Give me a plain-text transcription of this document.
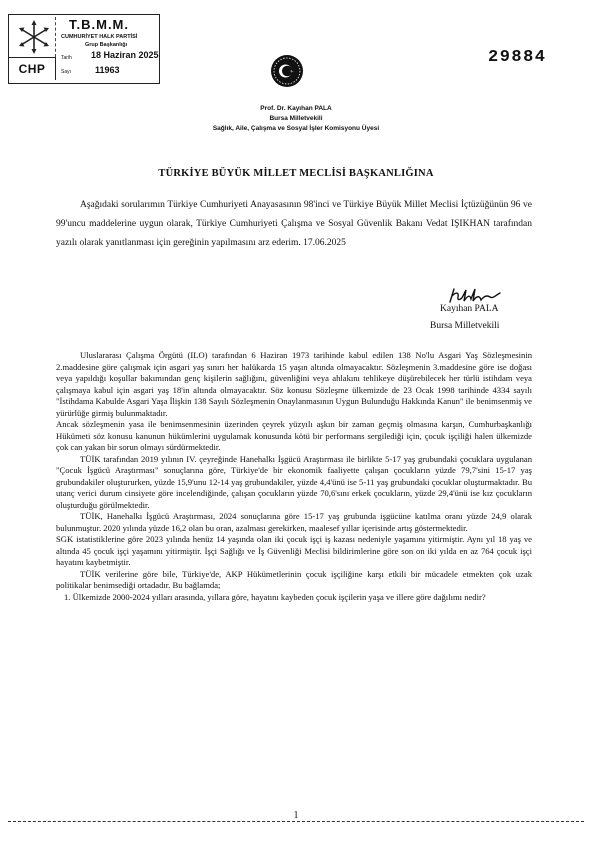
CHP
T.B.M.M.
CUMHURİYET HALK PARTİSİ
Grup Başkanlığı
Tarih 18 Haziran 2025
Sayı	11963
29884
Prof. Dr. Kayıhan PALA
Bursa Milletvekili
Sağlık, Aile, Çalışma ve Sosyal İşler Komisyonu Üyesi
TÜRKİYE BÜYÜK MİLLET MECLİSİ BAŞKANLIĞINA

Aşağıdaki sorularımın Türkiye Cumhuriyeti Anayasasının 98'inci ve Türkiye Büyük Millet Meclisi İçtüzüğünün 96 ve 99'uncu maddelerine uygun olarak, Türkiye Cumhuriyeti Çalışma ve Sosyal Güvenlik Bakanı Vedat IŞIKHAN tarafından yazılı olarak yanıtlanması için gereğinin yapılmasını arz ederim. 17.06.2025

Kayıhan PALA
Bursa Milletvekili

Uluslararası Çalışma Örgütü (ILO) tarafından 6 Haziran 1973 tarihinde kabul edilen 138 No'lu Asgari Yaş Sözleşmesinin 2.maddesine göre çalışmak için asgari yaş sınırı her halükarda 15 yaşın altında olmayacaktır. Sözleşmenin 3.maddesine göre ise doğası veya yapıldığı koşullar bakımından genç kişilerin sağlığını, güvenliğini veya ahlakını tehlikeye düşürebilecek her türlü istihdam veya çalışmaya kabul için asgari yaş 18'in altında olmayacaktır. Söz konusu Sözleşme ülkemizde de 23 Ocak 1998 tarihinde 4334 sayılı "İstihdama Kabulde Asgari Yaşa İlişkin 138 Sayılı Sözleşmenin Onaylanmasının Uygun Bulunduğu Hakkında Kanun" ile benimsenmiş ve yürürlüğe girmiş bulunmaktadır.

Ancak sözleşmenin yasa ile benimsenmesinin üzerinden çeyrek yüzyılı aşkın bir zaman geçmiş olmasına karşın, Cumhurbaşkanlığı Hükümeti söz konusu kanunun hükümlerini uygulamak konusunda kötü bir performans sergilediği için, çocuk işçiliği halen ülkemizde çok can yakan bir sorun olmayı sürdürmektedir.

TÜİK tarafından 2019 yılının IV. çeyreğinde Hanehalkı İşgücü Araştırması ile birlikte 5-17 yaş grubundaki çocuklara uygulanan "Çocuk İşgücü Araştırması" sonuçlarına göre, Türkiye'de bir ekonomik faaliyette çalışan çocukların yüzde 79,7'sini 15-17 yaş grubundakiler oluştururken, yüzde 15,9'unu 12-14 yaş grubundakiler, yüzde 4,4'ünü ise 5-11 yaş grubundaki çocuklar oluşturmaktadır. Bu utanç verici durum cinsiyete göre incelendiğinde, çalışan çocukların yüzde 70,6'sını erkek çocukların, yüzde 29,4'ünü ise kız çocukların oluşturduğu görülmektedir.

TÜİK, Hanehalkı İşgücü Araştırması, 2024 sonuçlarına göre 15-17 yaş grubunda işgücüne katılma oranı yüzde 24,9 olarak bulunmuştur. 2020 yılında yüzde 16,2 olan bu oran, azalması gerekirken, maalesef yıllar içerisinde artış göstermektedir.

SGK istatistiklerine göre 2023 yılında henüz 14 yaşında olan iki çocuk işçi iş kazası nedeniyle yaşamını yitirmiştir. Aynı yıl 18 yaş ve altında 45 çocuk işçi yaşamını yitirmiştir. İşçi Sağlığı ve İş Güvenliği Meclisi bildirimlerine göre son on iki yılda en az 764 çocuk işçi hayatını kaybetmiştir.

TÜİK verilerine göre bile, Türkiye'de, AKP Hükümetlerinin çocuk işçiliğine karşı etkili bir mücadele etmekten çok uzak politikalar benimsediği ortadadır. Bu bağlamda;

1. Ülkemizde 2000-2024 yılları arasında, yıllara göre, hayatını kaybeden çocuk işçilerin yaşa ve illere göre dağılımı nedir?
1
